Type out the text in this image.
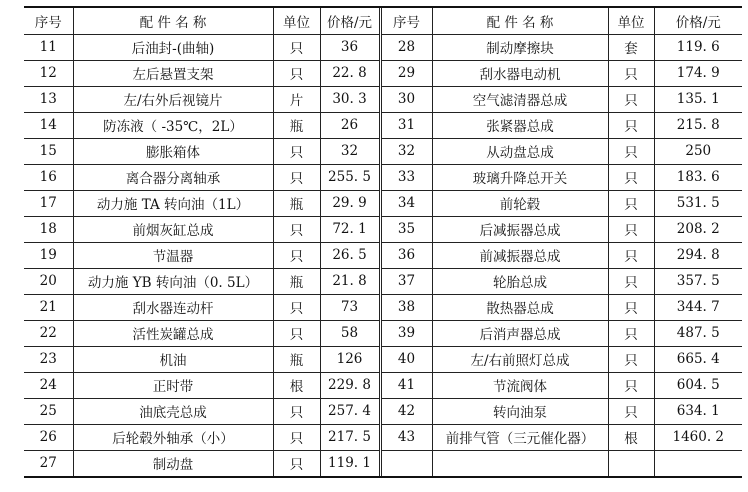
序号	配 件 名 称	单位	价格/元	序号	配 件 名 称	单位	价格/元
11	后油封-(曲轴)	只	36	28	制动摩擦块	套	119. 6
12	左后悬置支架	只	22. 8	29	刮水器电动机	只	174. 9
13	左/右外后视镜片	片	30. 3	30	空气滤清器总成	只	135. 1
14	防冻液（ -35℃，2L）	瓶	26	31	张紧器总成	只	215. 8
15	膨胀箱体	只	32	32	从动盘总成	只	250
16	离合器分离轴承	只	255. 5	33	玻璃升降总开关	只	183. 6
17	动力施 TA 转向油（1L）	瓶	29. 9	34	前轮毂	只	531. 5
18	前烟灰缸总成	只	72. 1	35	后减振器总成	只	208. 2
19	节温器	只	26. 5	36	前减振器总成	只	294. 8
20	动力施 YB 转向油（0. 5L）	瓶	21. 8	37	轮胎总成	只	357. 5
21	刮水器连动杆	只	73	38	散热器总成	只	344. 7
22	活性炭罐总成	只	58	39	后消声器总成	只	487. 5
23	机油	瓶	126	40	左/右前照灯总成	只	665. 4
24	正时带	根	229. 8	41	节流阀体	只	604. 5
25	油底壳总成	只	257. 4	42	转向油泵	只	634. 1
26	后轮毂外轴承（小）	只	217. 5	43	前排气管（三元催化器）	根	1460. 2
27	制动盘	只	119. 1				
